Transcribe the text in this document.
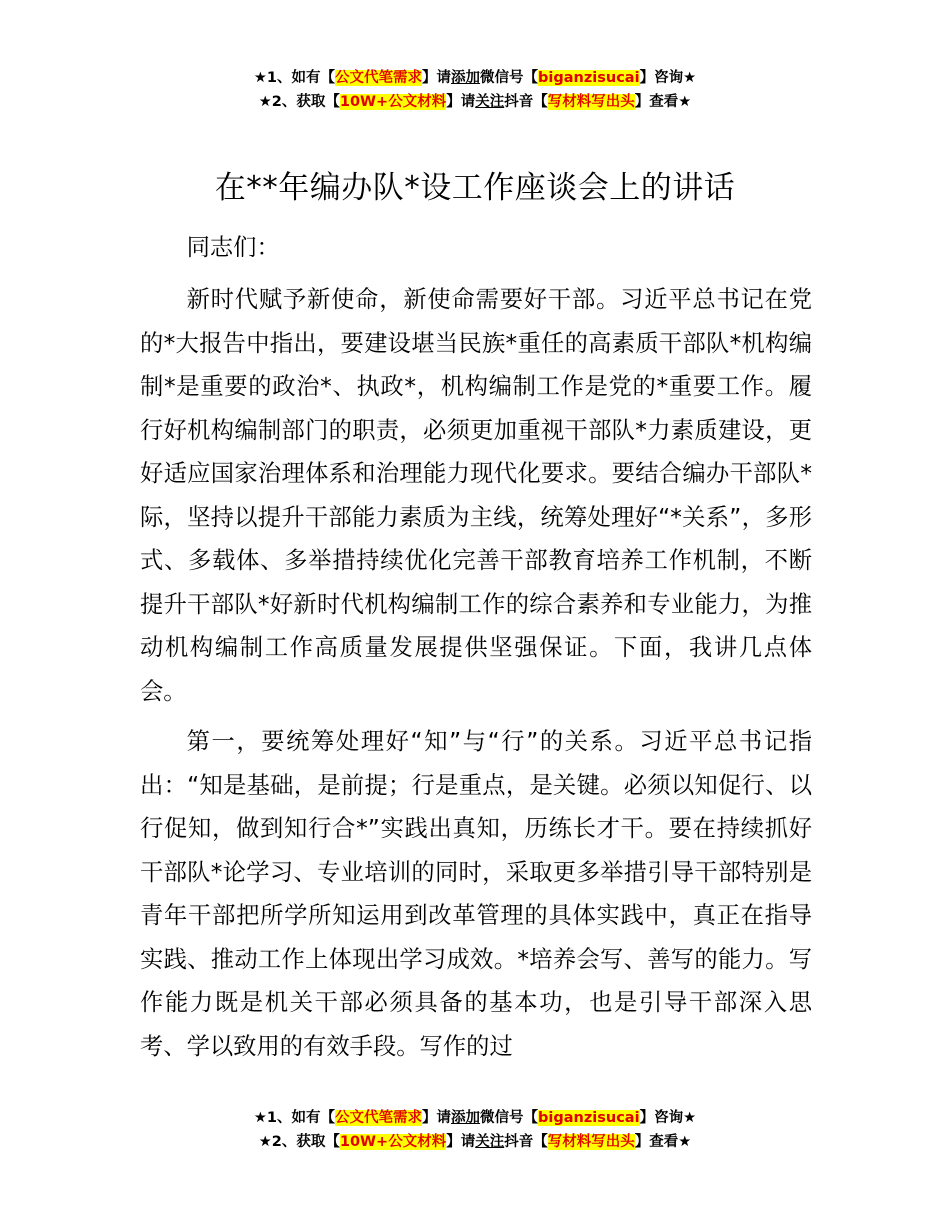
★1、如有【公文代笔需求】请添加微信号【biganzisucai】咨询★
★2、获取【10W+公文材料】请关注抖音【写材料写出头】查看★
在**年编办队*设工作座谈会上的讲话

同志们：

新时代赋予新使命，新使命需要好干部。习近平总书记在党的*大报告中指出，要建设堪当民族*重任的高素质干部队*机构编制*是重要的政治*、执政*，机构编制工作是党的*重要工作。履行好机构编制部门的职责，必须更加重视干部队*力素质建设，更好适应国家治理体系和治理能力现代化要求。要结合编办干部队*际，坚持以提升干部能力素质为主线，统筹处理好“*关系”，多形式、多载体、多举措持续优化完善干部教育培养工作机制，不断提升干部队*好新时代机构编制工作的综合素养和专业能力，为推动机构编制工作高质量发展提供坚强保证。下面，我讲几点体会。

第一，要统筹处理好“知”与“行”的关系。习近平总书记指出：“知是基础，是前提；行是重点，是关键。必须以知促行、以行促知，做到知行合*”实践出真知，历练长才干。要在持续抓好干部队*论学习、专业培训的同时，采取更多举措引导干部特别是青年干部把所学所知运用到改革管理的具体实践中，真正在指导实践、推动工作上体现出学习成效。*培养会写、善写的能力。写作能力既是机关干部必须具备的基本功，也是引导干部深入思考、学以致用的有效手段。写作的过

★1、如有【公文代笔需求】请添加微信号【biganzisucai】咨询★
★2、获取【10W+公文材料】请关注抖音【写材料写出头】查看★
